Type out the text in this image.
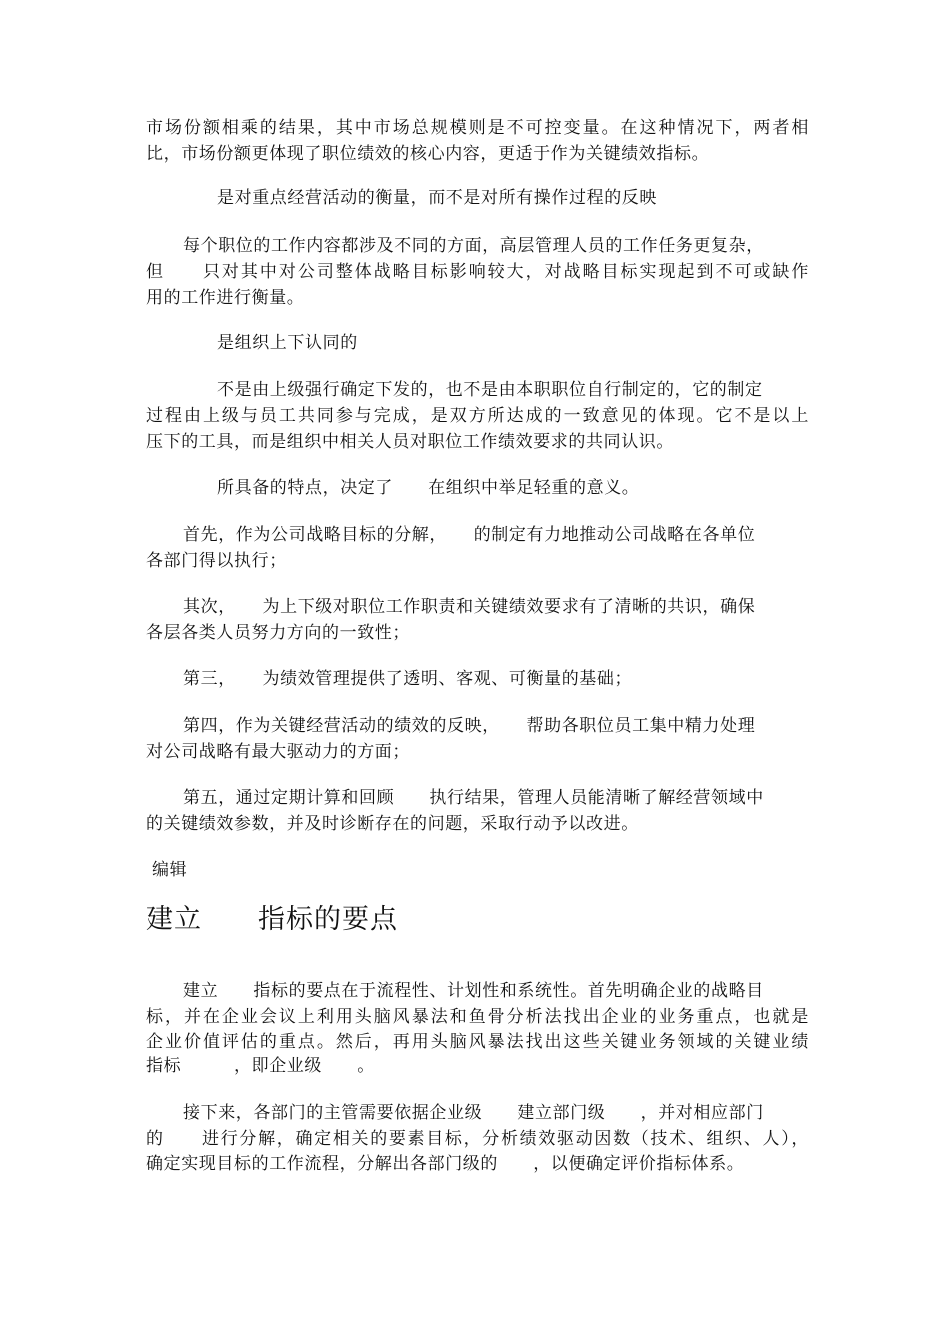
市场份额相乘的结果，其中市场总规模则是不可控变量。在这种情况下，两者相
比，市场份额更体现了职位绩效的核心内容，更适于作为关键绩效指标。
是对重点经营活动的衡量，而不是对所有操作过程的反映
每个职位的工作内容都涉及不同的方面，高层管理人员的工作任务更复杂，
但　　只对其中对公司整体战略目标影响较大，对战略目标实现起到不可或缺作
用的工作进行衡量。
是组织上下认同的
不是由上级强行确定下发的，也不是由本职职位自行制定的，它的制定
过程由上级与员工共同参与完成，是双方所达成的一致意见的体现。它不是以上
压下的工具，而是组织中相关人员对职位工作绩效要求的共同认识。
所具备的特点，决定了　　在组织中举足轻重的意义。
首先，作为公司战略目标的分解，　　的制定有力地推动公司战略在各单位
各部门得以执行；
其次，　　为上下级对职位工作职责和关键绩效要求有了清晰的共识，确保
各层各类人员努力方向的一致性；
第三，　　为绩效管理提供了透明、客观、可衡量的基础；
第四，作为关键经营活动的绩效的反映，　　帮助各职位员工集中精力处理
对公司战略有最大驱动力的方面；
第五，通过定期计算和回顾　　执行结果，管理人员能清晰了解经营领域中
的关键绩效参数，并及时诊断存在的问题，采取行动予以改进。
编辑
建立　　指标的要点
建立　　指标的要点在于流程性、计划性和系统性。首先明确企业的战略目
标，并在企业会议上利用头脑风暴法和鱼骨分析法找出企业的业务重点，也就是
企业价值评估的重点。然后，再用头脑风暴法找出这些关键业务领域的关键业绩
指标　　　，即企业级　　。
接下来，各部门的主管需要依据企业级　　建立部门级　　，并对相应部门
的　　进行分解，确定相关的要素目标，分析绩效驱动因数（技术、组织、人），
确定实现目标的工作流程，分解出各部门级的　　，以便确定评价指标体系。
